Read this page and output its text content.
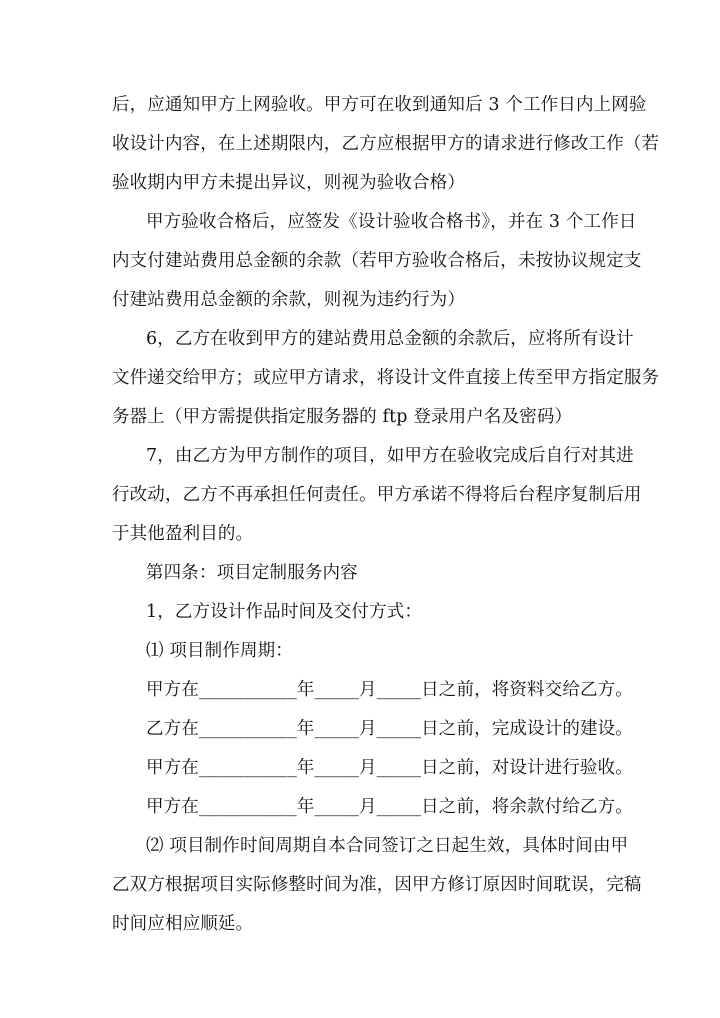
后，应通知甲方上网验收。甲方可在收到通知后 3 个工作日内上网验
收设计内容，在上述期限内，乙方应根据甲方的请求进行修改工作（若
验收期内甲方未提出异议，则视为验收合格）
甲方验收合格后，应签发《设计验收合格书》，并在 3 个工作日
内支付建站费用总金额的余款（若甲方验收合格后，未按协议规定支
付建站费用总金额的余款，则视为违约行为）
6，乙方在收到甲方的建站费用总金额的余款后，应将所有设计
文件递交给甲方；或应甲方请求，将设计文件直接上传至甲方指定服务
务器上（甲方需提供指定服务器的 ftp 登录用户名及密码）
7，由乙方为甲方制作的项目，如甲方在验收完成后自行对其进
行改动，乙方不再承担任何责任。甲方承诺不得将后台程序复制后用
于其他盈利目的。
第四条：项目定制服务内容
1，乙方设计作品时间及交付方式：
⑴ 项目制作周期：
甲方在___________年_____月_____日之前，将资料交给乙方。
乙方在___________年_____月_____日之前，完成设计的建设。
甲方在___________年_____月_____日之前，对设计进行验收。
甲方在___________年_____月_____日之前，将余款付给乙方。
⑵ 项目制作时间周期自本合同签订之日起生效，具体时间由甲
乙双方根据项目实际修整时间为准，因甲方修订原因时间耽误，完稿
时间应相应顺延。
